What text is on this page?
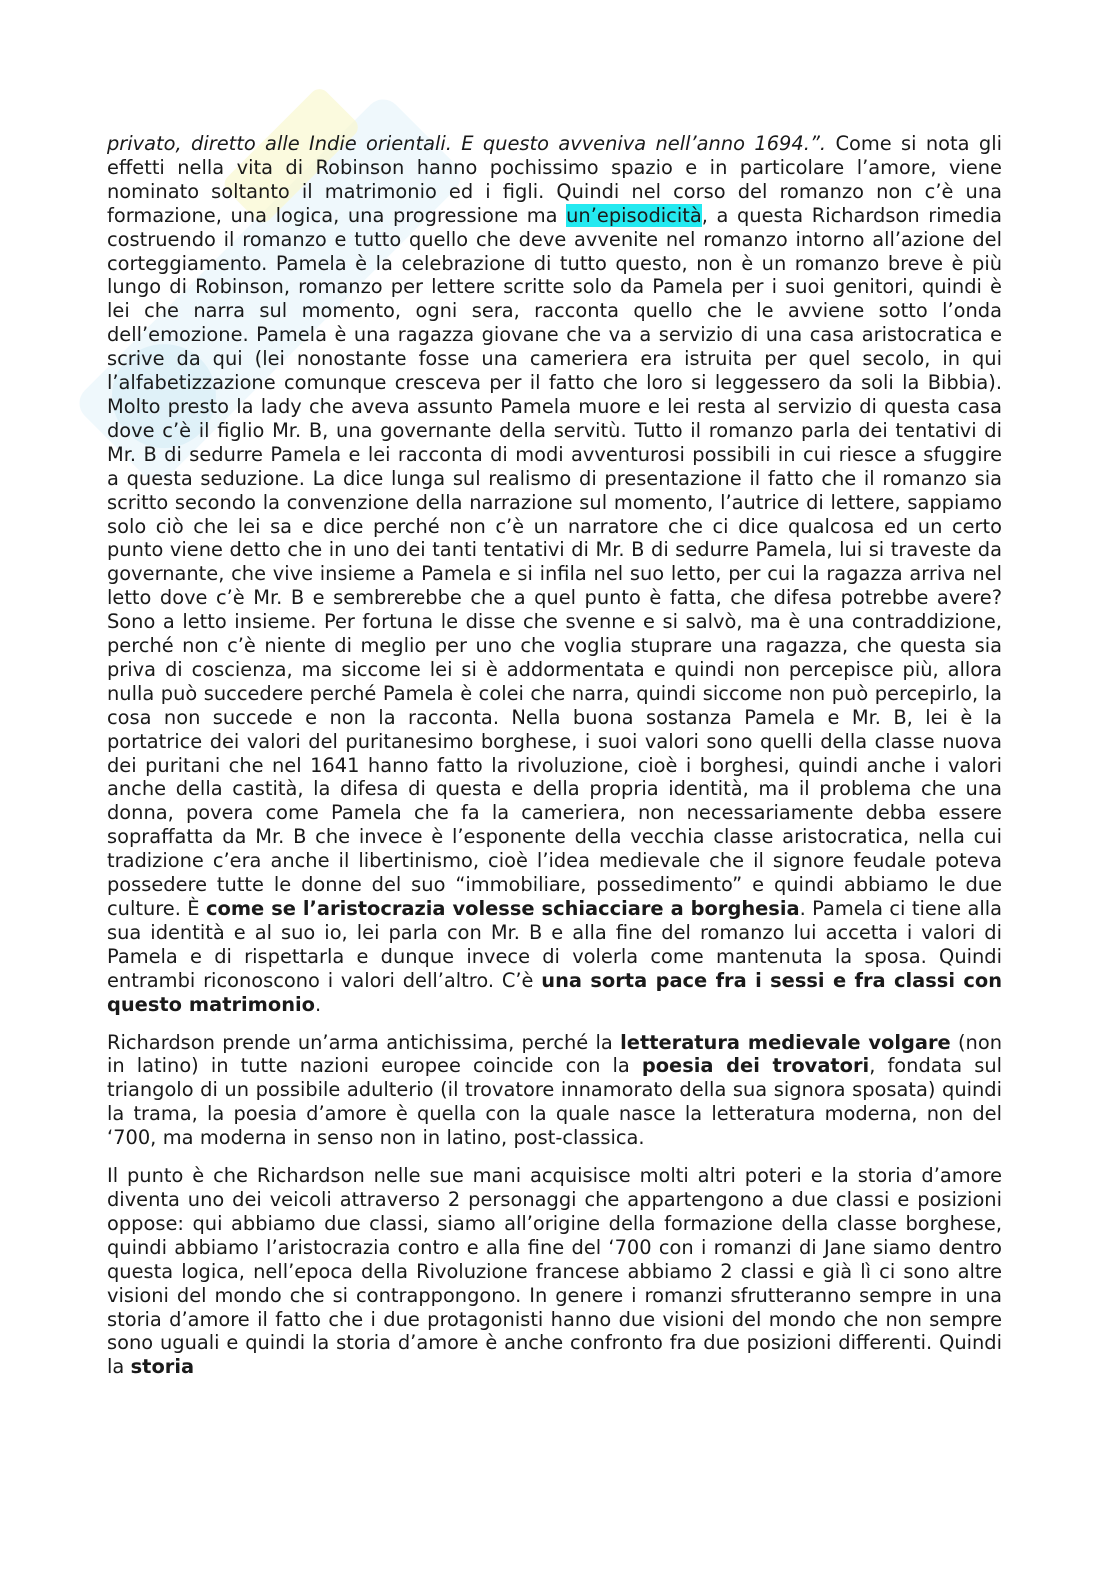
privato, diretto alle Indie orientali. E questo avveniva nell’anno 1694.”. Come si nota gli effetti nella vita di Robinson hanno pochissimo spazio e in particolare l’amore, viene nominato soltanto il matrimonio ed i figli. Quindi nel corso del romanzo non c’è una formazione, una logica, una progressione ma un’episodicità, a questa Richardson rimedia costruendo il romanzo e tutto quello che deve avvenite nel romanzo intorno all’azione del corteggiamento. Pamela è la celebrazione di tutto questo, non è un romanzo breve è più lungo di Robinson, romanzo per lettere scritte solo da Pamela per i suoi genitori, quindi è lei che narra sul momento, ogni sera, racconta quello che le avviene sotto l’onda dell’emozione. Pamela è una ragazza giovane che va a servizio di una casa aristocratica e scrive da qui (lei nonostante fosse una cameriera era istruita per quel secolo, in qui l’alfabetizzazione comunque cresceva per il fatto che loro si leggessero da soli la Bibbia). Molto presto la lady che aveva assunto Pamela muore e lei resta al servizio di questa casa dove c’è il figlio Mr. B, una governante della servitù. Tutto il romanzo parla dei tentativi di Mr. B di sedurre Pamela e lei racconta di modi avventurosi possibili in cui riesce a sfuggire a questa seduzione. La dice lunga sul realismo di presentazione il fatto che il romanzo sia scritto secondo la convenzione della narrazione sul momento, l’autrice di lettere, sappiamo solo ciò che lei sa e dice perché non c’è un narratore che ci dice qualcosa ed un certo punto viene detto che in uno dei tanti tentativi di Mr. B di sedurre Pamela, lui si traveste da governante, che vive insieme a Pamela e si infila nel suo letto, per cui la ragazza arriva nel letto dove c’è Mr. B e sembrerebbe che a quel punto è fatta, che difesa potrebbe avere? Sono a letto insieme. Per fortuna le disse che svenne e si salvò, ma è una contraddizione, perché non c’è niente di meglio per uno che voglia stuprare una ragazza, che questa sia priva di coscienza, ma siccome lei si è addormentata e quindi non percepisce più, allora nulla può succedere perché Pamela è colei che narra, quindi siccome non può percepirlo, la cosa non succede e non la racconta. Nella buona sostanza Pamela e Mr. B, lei è la portatrice dei valori del puritanesimo borghese, i suoi valori sono quelli della classe nuova dei puritani che nel 1641 hanno fatto la rivoluzione, cioè i borghesi, quindi anche i valori anche della castità, la difesa di questa e della propria identità, ma il problema che una donna, povera come Pamela che fa la cameriera, non necessariamente debba essere sopraffatta da Mr. B che invece è l’esponente della vecchia classe aristocratica, nella cui tradizione c’era anche il libertinismo, cioè l’idea medievale che il signore feudale poteva possedere tutte le donne del suo “immobiliare, possedimento” e quindi abbiamo le due culture. È come se l’aristocrazia volesse schiacciare a borghesia. Pamela ci tiene alla sua identità e al suo io, lei parla con Mr. B e alla fine del romanzo lui accetta i valori di Pamela e di rispettarla e dunque invece di volerla come mantenuta la sposa. Quindi entrambi riconoscono i valori dell’altro. C’è una sorta pace fra i sessi e fra classi con questo matrimonio.

Richardson prende un’arma antichissima, perché la letteratura medievale volgare (non in latino) in tutte nazioni europee coincide con la poesia dei trovatori, fondata sul triangolo di un possibile adulterio (il trovatore innamorato della sua signora sposata) quindi la trama, la poesia d’amore è quella con la quale nasce la letteratura moderna, non del ‘700, ma moderna in senso non in latino, post-classica.

Il punto è che Richardson nelle sue mani acquisisce molti altri poteri e la storia d’amore diventa uno dei veicoli attraverso 2 personaggi che appartengono a due classi e posizioni oppose: qui abbiamo due classi, siamo all’origine della formazione della classe borghese, quindi abbiamo l’aristocrazia contro e alla fine del ‘700 con i romanzi di Jane siamo dentro questa logica, nell’epoca della Rivoluzione francese abbiamo 2 classi e già lì ci sono altre visioni del mondo che si contrappongono. In genere i romanzi sfrutteranno sempre in una storia d’amore il fatto che i due protagonisti hanno due visioni del mondo che non sempre sono uguali e quindi la storia d’amore è anche confronto fra due posizioni differenti. Quindi la storia
